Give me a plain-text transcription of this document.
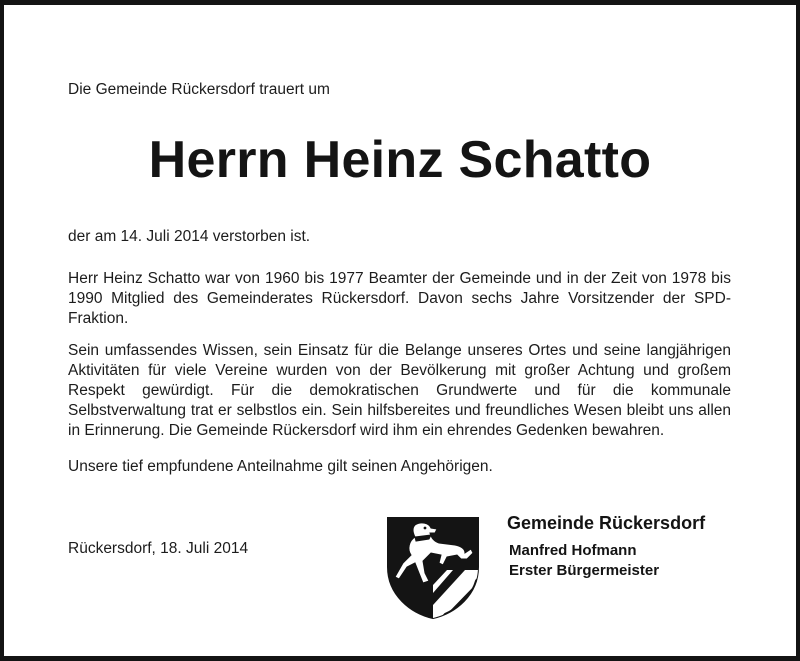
Die Gemeinde Rückersdorf trauert um
Herrn Heinz Schatto
der am 14. Juli 2014 verstorben ist.

Herr Heinz Schatto war von 1960 bis 1977 Beamter der Gemeinde und in der Zeit von 1978 bis 1990 Mitglied des Gemeinderates Rückersdorf. Davon sechs Jahre Vorsitzender der SPD-Fraktion.

Sein umfassendes Wissen, sein Einsatz für die Belange unseres Ortes und seine langjährigen Aktivitäten für viele Vereine wurden von der Bevölkerung mit großer Achtung und großem Respekt gewürdigt. Für die demokratischen Grundwerte und für die kommunale Selbstverwaltung trat er selbstlos ein. Sein hilfsbereites und freundliches Wesen bleibt uns allen in Erinnerung. Die Gemeinde Rückersdorf wird ihm ein ehrendes Gedenken bewahren.

Unsere tief empfundene Anteilnahme gilt seinen Angehörigen.

Rückersdorf, 18. Juli 2014
Gemeinde Rückersdorf
Manfred Hofmann
Erster Bürgermeister
